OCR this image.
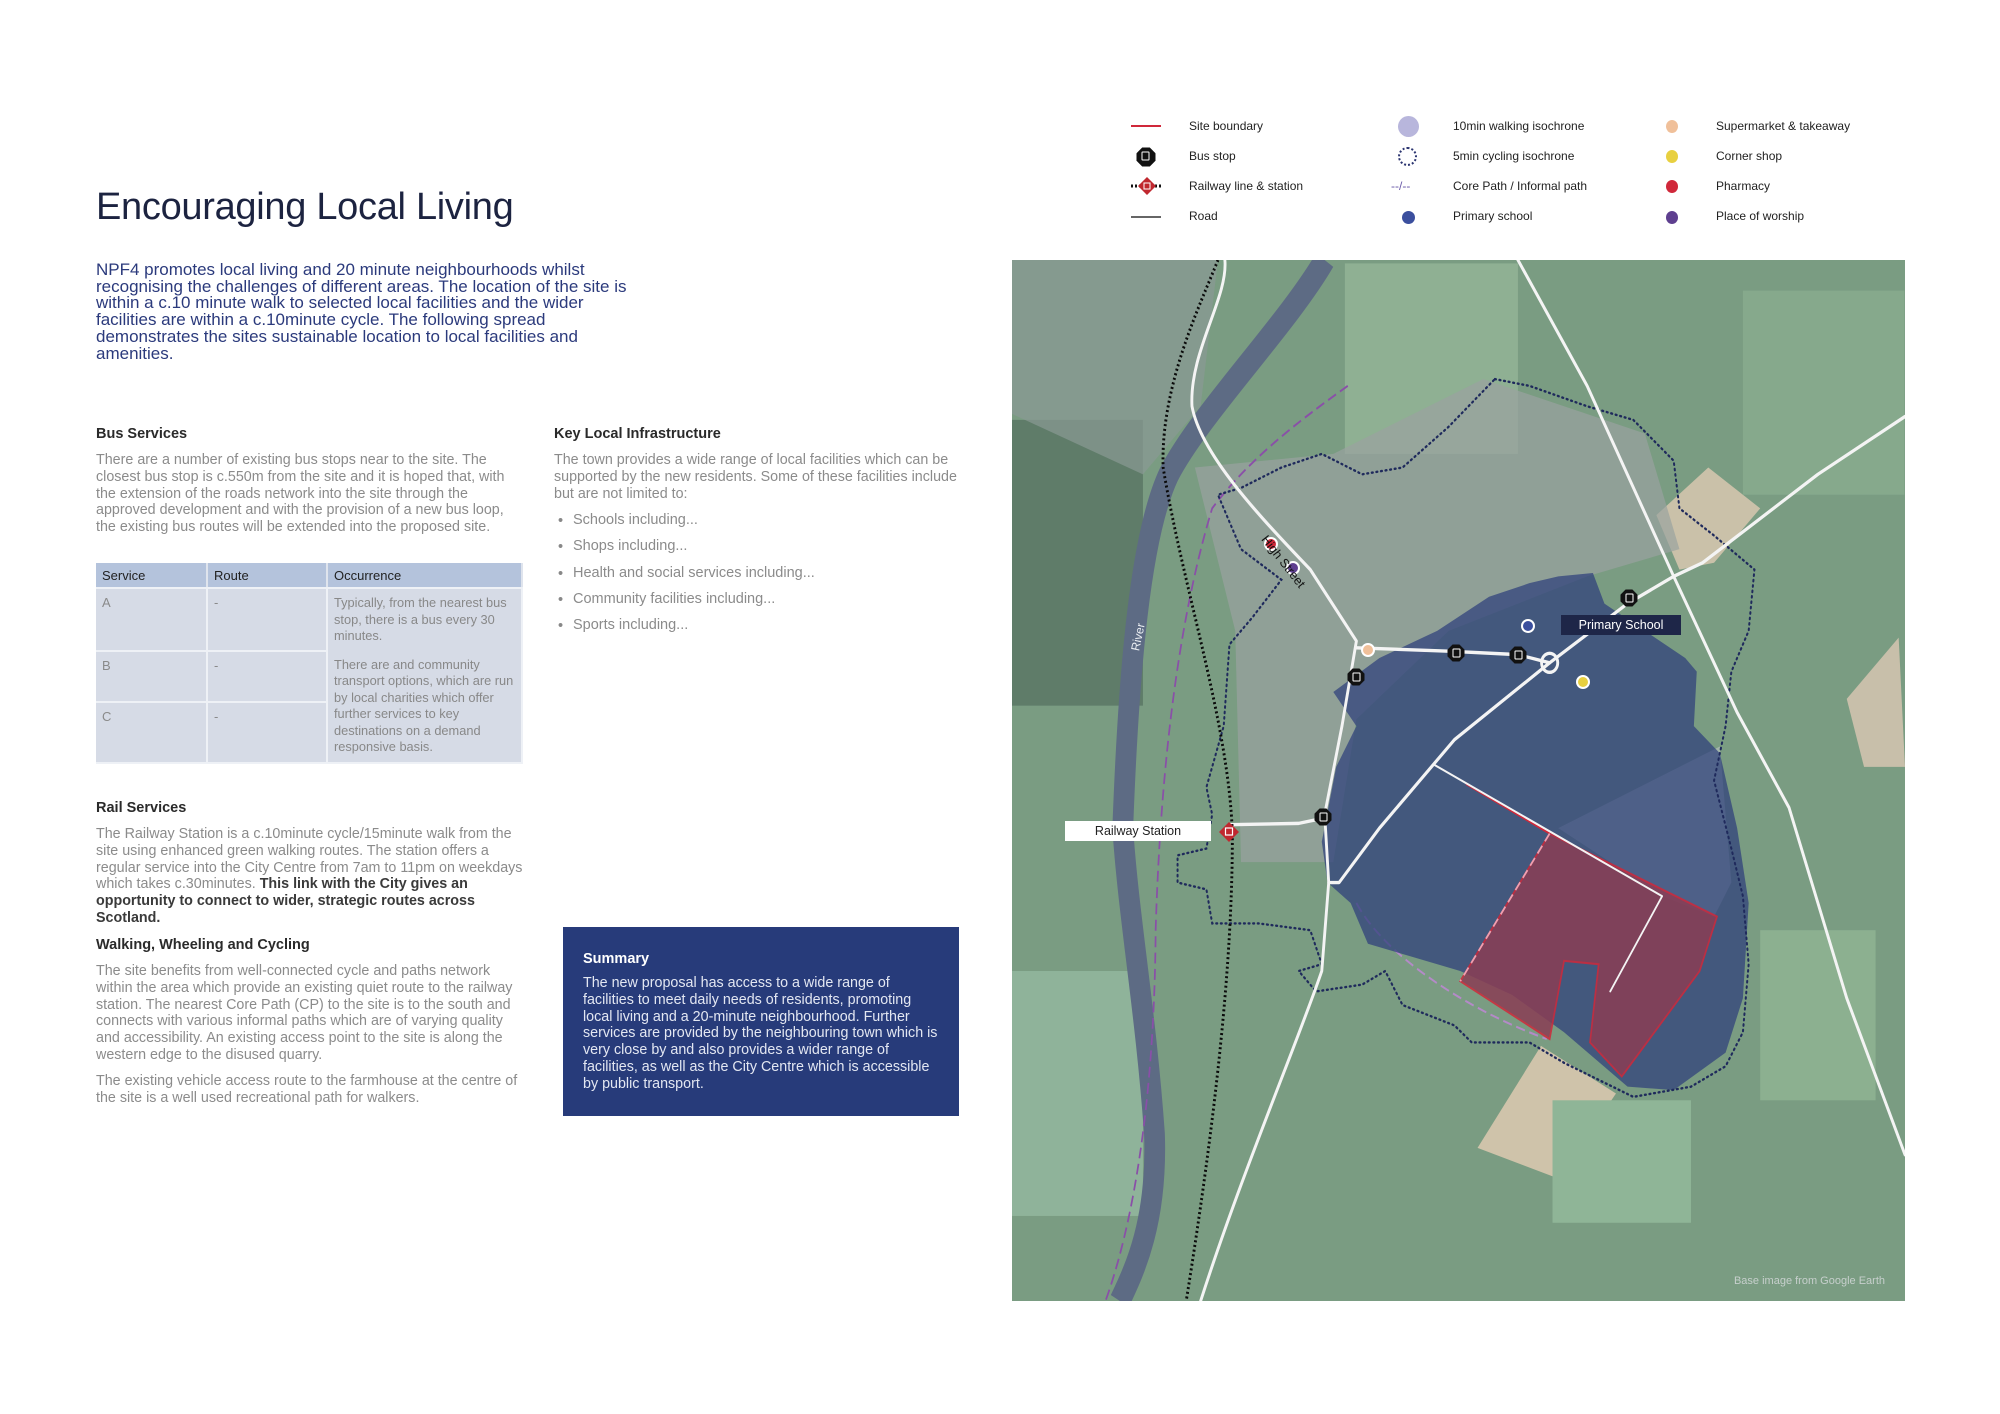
Encouraging Local Living

NPF4 promotes local living and 20 minute neighbourhoods whilst recognising the challenges of different areas. The location of the site is within a c.10 minute walk to selected local facilities and the wider facilities are within a c.10minute cycle. The following spread demonstrates the sites sustainable location to local facilities and amenities.

Bus Services

There are a number of existing bus stops near to the site. The closest bus stop is c.550m from the site and it is hoped that, with the extension of the roads network into the site through the approved development and with the provision of a new bus loop, the existing bus routes will be extended into the proposed site.

Service	Route	Occurrence
A	-	Typically, from the nearest bus stop, there is a bus every 30 minutes.
B	-	There are and community transport options, which are run by local charities which offer further services to key destinations on a demand responsive basis.
C	-	
Rail Services

The Railway Station is a c.10minute cycle/15minute walk from the site using enhanced green walking routes. The station offers a regular service into the City Centre from 7am to 11pm on weekdays which takes c.30minutes. This link with the City gives an opportunity to connect to wider, strategic routes across Scotland.

Walking, Wheeling and Cycling

The site benefits from well-connected cycle and paths network within the area which provide an existing quiet route to the railway station. The nearest Core Path (CP) to the site is to the south and connects with various informal paths which are of varying quality and accessibility. An existing access point to the site is along the western edge to the disused quarry.

The existing vehicle access route to the farmhouse at the centre of the site is a well used recreational path for walkers.

Key Local Infrastructure

The town provides a wide range of local facilities which can be supported by the new residents. Some of these facilities include but are not limited to:

• Schools including...
• Shops including...
• Health and social services including...
• Community facilities including...
• Sports including...
Summary

The new proposal has access to a wide range of facilities to meet daily needs of residents, promoting local living and a 20-minute neighbourhood. Further services are provided by the neighbouring town which is very close by and also provides a wider range of facilities, as well as the City Centre which is accessible by public transport.

Site boundary
Bus stop
Railway line & station
Road
10min walking isochrone
5min cycling isochrone
--/--	Core Path / Informal path
Primary school
Supermarket & takeaway
Corner shop
Pharmacy
Place of worship
Railway Station
Primary School
High Street
River
Base image from Google Earth
